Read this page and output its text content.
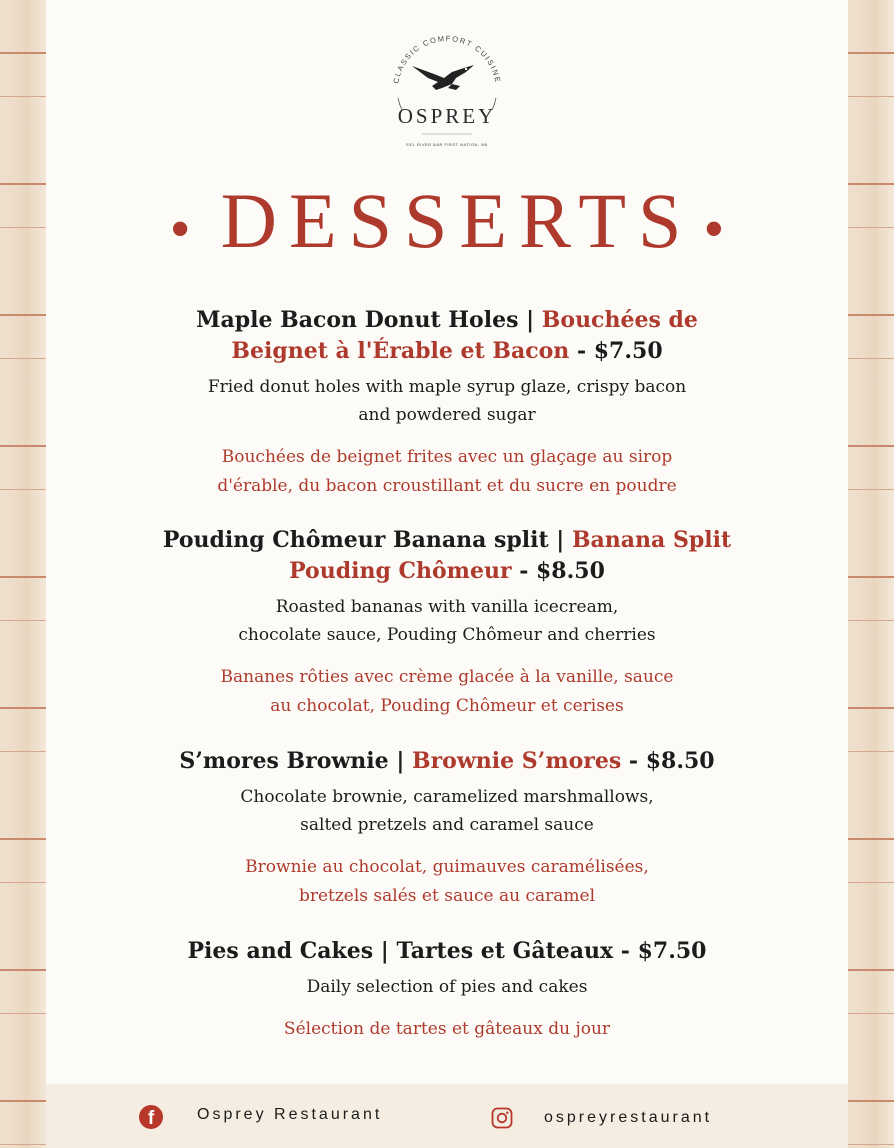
CLASSIC COMFORT CUISINE
OSPREY
EEL RIVER BAR FIRST NATION, NB
• DESSERTS •
Maple Bacon Donut Holes | Bouchées de Beignet à l'Érable et Bacon - $7.50
Fried donut holes with maple syrup glaze, crispy bacon and powdered sugar
Bouchées de beignet frites avec un glaçage au sirop d'érable, du bacon croustillant et du sucre en poudre
Pouding Chômeur Banana split | Banana Split Pouding Chômeur - $8.50
Roasted bananas with vanilla icecream, chocolate sauce, Pouding Chômeur and cherries
Bananes rôties avec crème glacée à la vanille, sauce au chocolat, Pouding Chômeur et cerises
S’mores Brownie | Brownie S’mores - $8.50
Chocolate brownie, caramelized marshmallows, salted pretzels and caramel sauce
Brownie au chocolat, guimauves caramélisées, bretzels salés et sauce au caramel
Pies and Cakes | Tartes et Gâteaux - $7.50
Daily selection of pies and cakes
Sélection de tartes et gâteaux du jour
f	Osprey Restaurant	ospreyrestaurant
